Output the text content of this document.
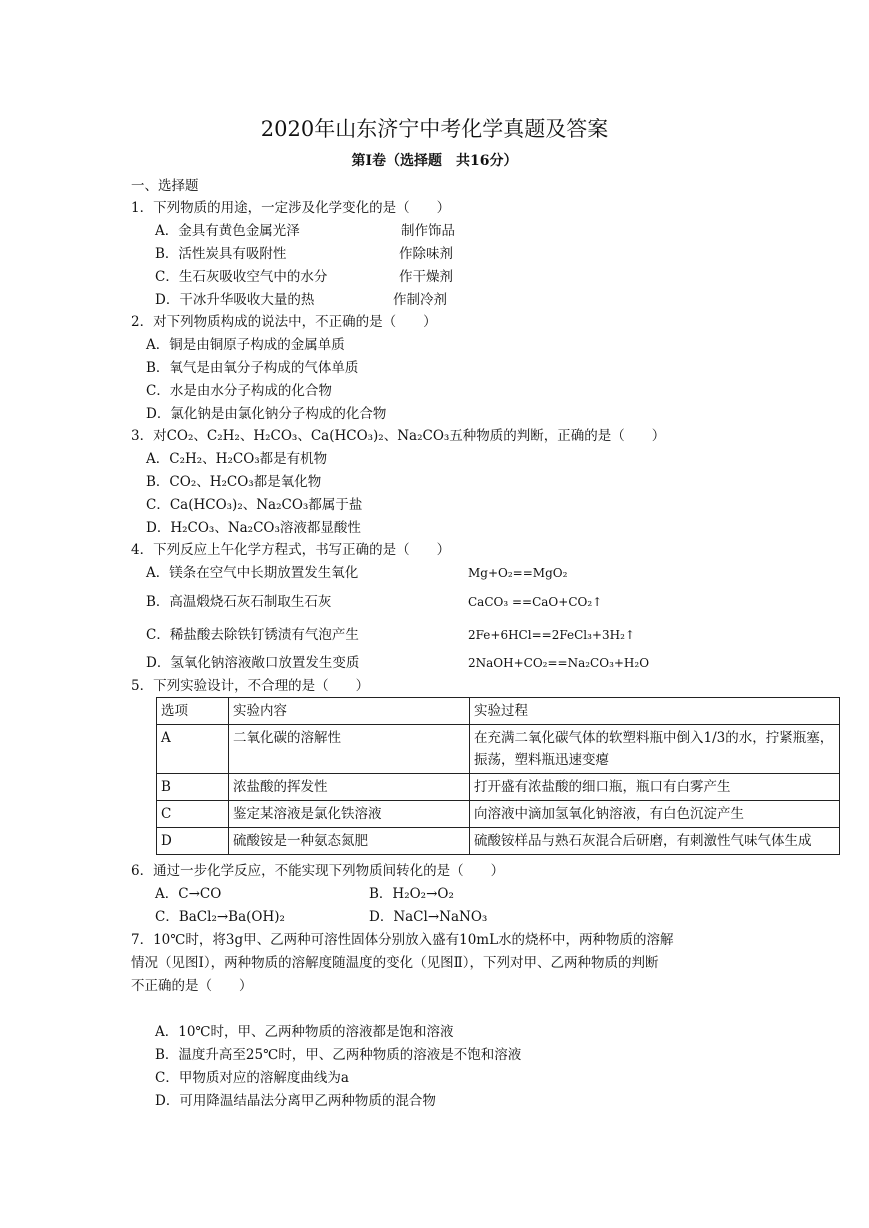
2020年山东济宁中考化学真题及答案
第Ⅰ卷（选择题　共16分）
一、选择题
1．下列物质的用途，一定涉及化学变化的是（　　）
A．金具有黄色金属光泽	制作饰品
B．活性炭具有吸附性	作除味剂
C．生石灰吸收空气中的水分	作干燥剂
D．干冰升华吸收大量的热	作制冷剂
2．对下列物质构成的说法中，不正确的是（　　）
A．铜是由铜原子构成的金属单质
B．氧气是由氧分子构成的气体单质
C．水是由水分子构成的化合物
D．氯化钠是由氯化钠分子构成的化合物
3．对CO₂、C₂H₂、H₂CO₃、Ca(HCO₃)₂、Na₂CO₃五种物质的判断，正确的是（　　）
A．C₂H₂、H₂CO₃都是有机物
B．CO₂、H₂CO₃都是氧化物
C．Ca(HCO₃)₂、Na₂CO₃都属于盐
D．H₂CO₃、Na₂CO₃溶液都显酸性
4．下列反应上午化学方程式，书写正确的是（　　）
A．镁条在空气中长期放置发生氧化	Mg+O₂==MgO₂
B．高温煅烧石灰石制取生石灰	CaCO₃ ==CaO+CO₂↑
C．稀盐酸去除铁钉锈渍有气泡产生	2Fe+6HCl==2FeCl₃+3H₂↑
D．氢氧化钠溶液敞口放置发生变质	2NaOH+CO₂==Na₂CO₃+H₂O
5．下列实验设计，不合理的是（　　）
选项	实验内容	实验过程
A	二氧化碳的溶解性	在充满二氧化碳气体的软塑料瓶中倒入1/3的水，拧紧瓶塞，振荡，塑料瓶迅速变瘪
B	浓盐酸的挥发性	打开盛有浓盐酸的细口瓶，瓶口有白雾产生
C	鉴定某溶液是氯化铁溶液	向溶液中滴加氢氧化钠溶液，有白色沉淀产生
D	硫酸铵是一种氨态氮肥	硫酸铵样品与熟石灰混合后研磨，有刺激性气味气体生成
6．通过一步化学反应，不能实现下列物质间转化的是（　　）
A．C→CO	B．H₂O₂→O₂
C．BaCl₂→Ba(OH)₂	D．NaCl→NaNO₃
7．10℃时，将3g甲、乙两种可溶性固体分别放入盛有10mL水的烧杯中，两种物质的溶解
情况（见图Ⅰ），两种物质的溶解度随温度的变化（见图Ⅱ），下列对甲、乙两种物质的判断
不正确的是（　　）
A．10℃时，甲、乙两种物质的溶液都是饱和溶液
B．温度升高至25℃时，甲、乙两种物质的溶液是不饱和溶液
C．甲物质对应的溶解度曲线为a
D．可用降温结晶法分离甲乙两种物质的混合物
